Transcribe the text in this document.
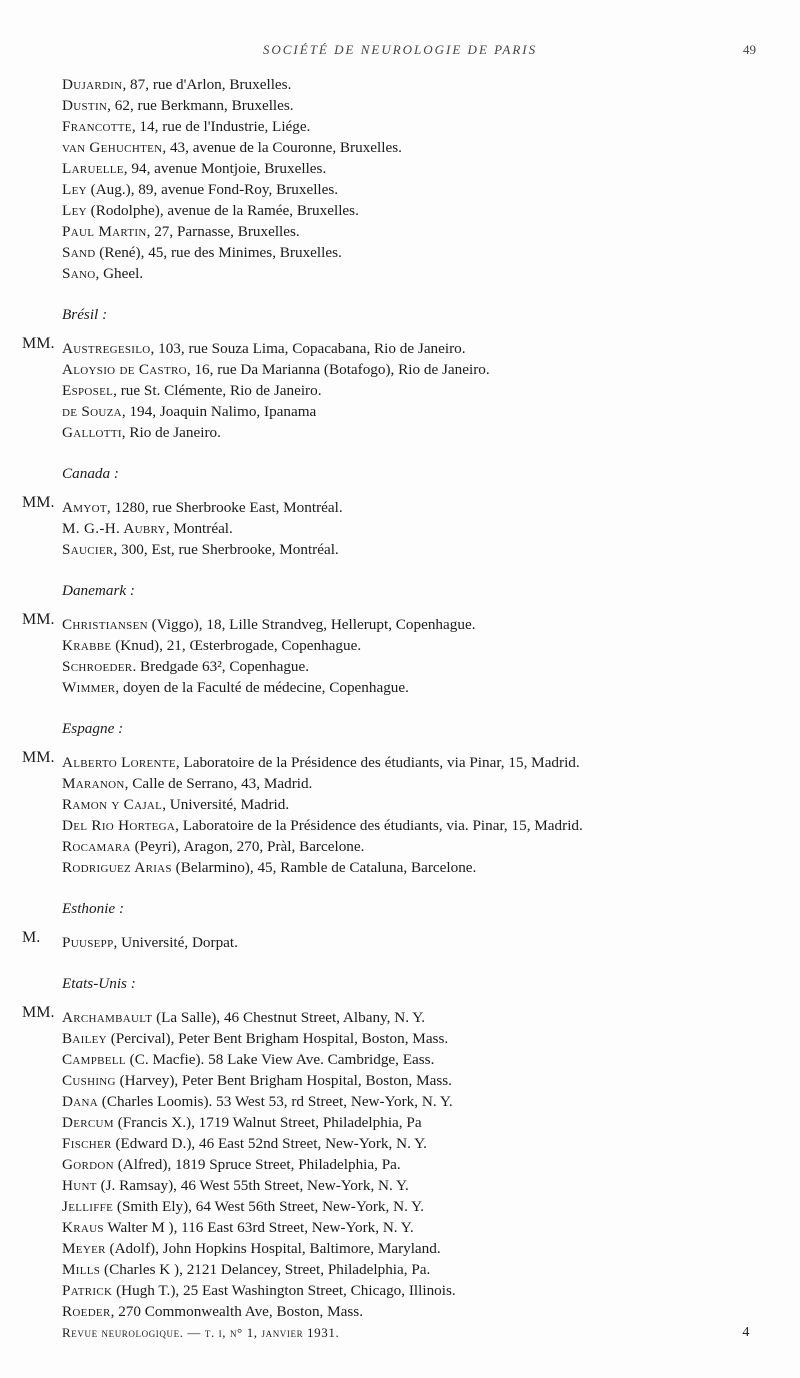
SOCIÉTÉ DE NEUROLOGIE DE PARIS	49
Dujardin, 87, rue d'Arlon, Bruxelles.
Dustin, 62, rue Berkmann, Bruxelles.
Francotte, 14, rue de l'Industrie, Liége.
van Gehuchten, 43, avenue de la Couronne, Bruxelles.
Laruelle, 94, avenue Montjoie, Bruxelles.
Ley (Aug.), 89, avenue Fond-Roy, Bruxelles.
Ley (Rodolphe), avenue de la Ramée, Bruxelles.
Paul Martin, 27, Parnasse, Bruxelles.
Sand (René), 45, rue des Minimes, Bruxelles.
Sano, Gheel.
Brésil :
MM. Austregesilo, 103, rue Souza Lima, Copacabana, Rio de Janeiro.
Aloysio de Castro, 16, rue Da Marianna (Botafogo), Rio de Janeiro.
Esposel, rue St. Clémente, Rio de Janeiro.
de Souza, 194, Joaquin Nalimo, Ipanama
Gallotti, Rio de Janeiro.
Canada :
MM. Amyot, 1280, rue Sherbrooke East, Montréal.
M. G.-H. Aubry, Montréal.
Saucier, 300, Est, rue Sherbrooke, Montréal.
Danemark :
MM. Christiansen (Viggo), 18, Lille Strandveg, Hellerupt, Copenhague.
Krabbe (Knud), 21, Œsterbrogade, Copenhague.
Schroeder. Bredgade 63², Copenhague.
Wimmer, doyen de la Faculté de médecine, Copenhague.
Espagne :
MM. Alberto Lorente, Laboratoire de la Présidence des étudiants, via Pinar, 15, Madrid.
Maranon, Calle de Serrano, 43, Madrid.
Ramon y Cajal, Université, Madrid.
Del Rio Hortega, Laboratoire de la Présidence des étudiants, via. Pinar, 15, Madrid.
Rocamara (Peyri), Aragon, 270, Pràl, Barcelone.
Rodriguez Arias (Belarmino), 45, Ramble de Cataluna, Barcelone.
Esthonie :
M. Puusepp, Université, Dorpat.
Etats-Unis :
MM. Archambault (La Salle), 46 Chestnut Street, Albany, N. Y.
Bailey (Percival), Peter Bent Brigham Hospital, Boston, Mass.
Campbell (C. Macfie). 58 Lake View Ave. Cambridge, Eass.
Cushing (Harvey), Peter Bent Brigham Hospital, Boston, Mass.
Dana (Charles Loomis). 53 West 53, rd Street, New-York, N. Y.
Dercum (Francis X.), 1719 Walnut Street, Philadelphia, Pa
Fischer (Edward D.), 46 East 52nd Street, New-York, N. Y.
Gordon (Alfred), 1819 Spruce Street, Philadelphia, Pa.
Hunt (J. Ramsay), 46 West 55th Street, New-York, N. Y.
Jelliffe (Smith Ely), 64 West 56th Street, New-York, N. Y.
Kraus Walter M ), 116 East 63rd Street, New-York, N. Y.
Meyer (Adolf), John Hopkins Hospital, Baltimore, Maryland.
Mills (Charles K ), 2121 Delancey, Street, Philadelphia, Pa.
Patrick (Hugh T.), 25 East Washington Street, Chicago, Illinois.
Roeder, 270 Commonwealth Ave, Boston, Mass.
Revue neurologique. — t. i, n° 1, janvier 1931.	4
